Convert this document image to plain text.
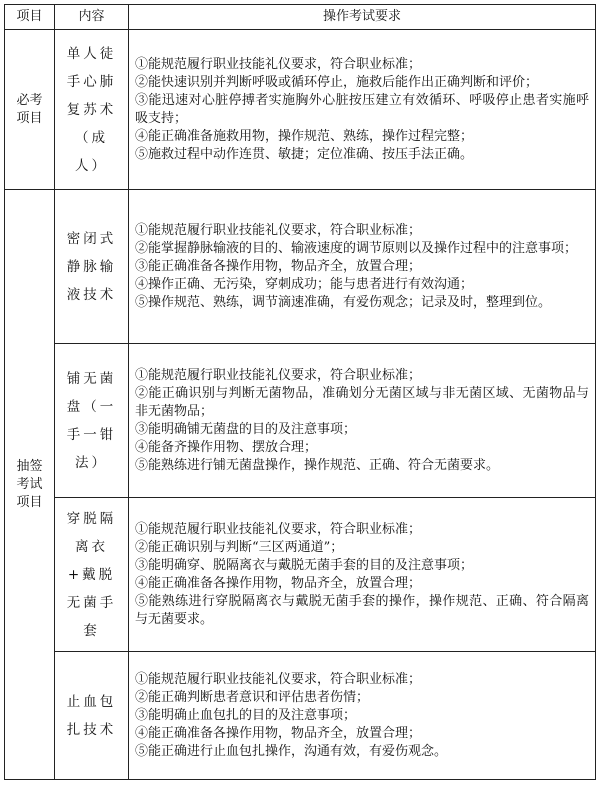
项目	内容	操作考试要求
必考项目	单人徒手心肺复苏术（成人）	①能规范履行职业技能礼仪要求，符合职业标准；
②能快速识别并判断呼吸或循环停止，施救后能作出正确判断和评价；
③能迅速对心脏停搏者实施胸外心脏按压建立有效循环、呼吸停止患者实施呼吸支持；
④能正确准备施救用物，操作规范、熟练，操作过程完整；
⑤施救过程中动作连贯、敏捷；定位准确、按压手法正确。

抽签考试项目	密闭式静脉输液技术	①能规范履行职业技能礼仪要求，符合职业标准；
②能掌握静脉输液的目的、输液速度的调节原则以及操作过程中的注意事项；
③能正确准备各操作用物，物品齐全，放置合理；
④操作正确、无污染，穿刺成功；能与患者进行有效沟通；
⑤操作规范、熟练，调节滴速准确，有爱伤观念；记录及时，整理到位。

	铺无菌盘（一手一钳法）	①能规范履行职业技能礼仪要求，符合职业标准；
②能正确识别与判断无菌物品，准确划分无菌区域与非无菌区域、无菌物品与非无菌物品；
③能明确铺无菌盘的目的及注意事项；
④能备齐操作用物、摆放合理；
⑤能熟练进行铺无菌盘操作，操作规范、正确、符合无菌要求。

	穿脱隔离衣+戴脱无菌手套	①能规范履行职业技能礼仪要求，符合职业标准；
②能正确识别与判断“三区两通道”；
③能明确穿、脱隔离衣与戴脱无菌手套的目的及注意事项；
④能正确准备各操作用物，物品齐全，放置合理；
⑤能熟练进行穿脱隔离衣与戴脱无菌手套的操作，操作规范、正确、符合隔离与无菌要求。

	止血包扎技术	①能规范履行职业技能礼仪要求，符合职业标准；
②能正确判断患者意识和评估患者伤情；
③能明确止血包扎的目的及注意事项；
④能正确准备各操作用物，物品齐全，放置合理；
⑤能正确进行止血包扎操作，沟通有效，有爱伤观念。
